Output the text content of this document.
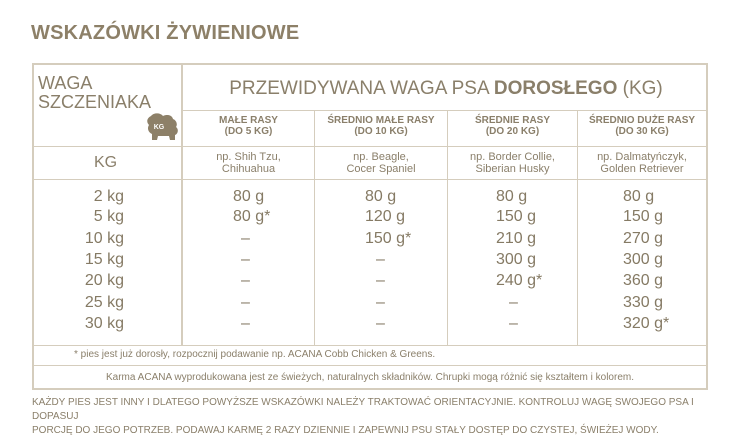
WSKAZÓWKI ŻYWIENIOWE
WAGA
SZCZENIAKA
KG
PRZEWIDYWANA WAGA PSA DOROSŁEGO (KG)
MAŁE RASY
(DO 5 KG)
ŚREDNIO MAŁE RASY
(DO 10 KG)
ŚREDNIE RASY
(DO 20 KG)
ŚREDNIO DUŻE RASY
(DO 30 KG)
KG	np. Shih Tzu,
Chihuahua
np. Beagle,
Cocer Spaniel
np. Border Collie,
Siberian Husky
np. Dalmatyńczyk,
Golden Retriever
2 kg	80 g	80 g	80 g	80 g
5 kg	80 g*	120 g	150 g	150 g
10 kg	–	150 g*	210 g	270 g
15 kg	–	–	300 g	300 g
20 kg	–	–	240 g*	360 g
25 kg	–	–	–	330 g
30 kg	–	–	–	320 g*
* pies jest już dorosły, rozpocznij podawanie np. ACANA Cobb Chicken & Greens.
Karma ACANA wyprodukowana jest ze świeżych, naturalnych składników. Chrupki mogą różnić się kształtem i kolorem.
KAŻDY PIES JEST INNY I DLATEGO POWYŻSZE WSKAZÓWKI NALEŻY TRAKTOWAĆ ORIENTACYJNIE. KONTROLUJ WAGĘ SWOJEGO PSA I DOPASUJ
PORCJĘ DO JEGO POTRZEB. PODAWAJ KARMĘ 2 RAZY DZIENNIE I ZAPEWNIJ PSU STAŁY DOSTĘP DO CZYSTEJ, ŚWIEŻEJ WODY.
